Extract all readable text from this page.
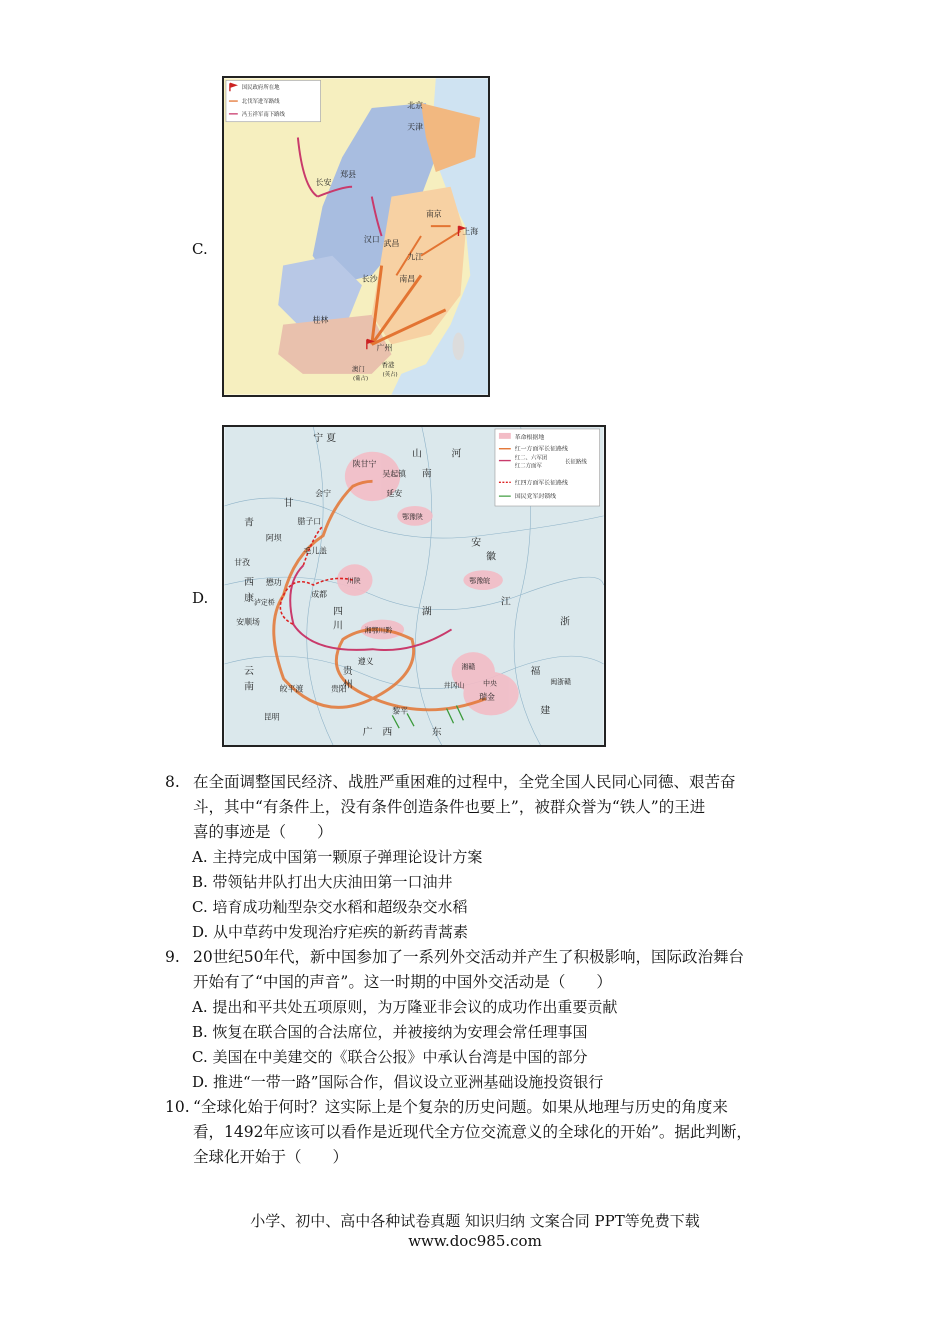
C.
国民政府所在地
北伐军进军路线
冯玉祥军南下路线
北京
天津
长安
郑县
南京
汉口 武昌
上海
九江
长沙	南昌
桂林
广州
澳门	香港
(葡占)
(英占)
D.
革命根据地
红一方面军长征路线
红二、六军团
红二方面军
长征路线
红四方面军长征路线
国民党军封锁线
陕甘宁
吴起镇
延安
会宁
腊子口
阿坝
毛儿盖
甘孜
懋功
泸定桥
安顺场
成都
川陕
鄂豫陕
鄂豫皖
湘鄂川黔
湘赣
遵义
贵阳
黎平
井冈山
瑞金
中央	闽浙赣
皎平渡
昆明
宁 夏
甘
青
四
川
西
康
云
南
湖
贵
州
广	东
西
江
河
安
徽
浙
福
建
山
南
8. 在全面调整国民经济、战胜严重困难的过程中，全党全国人民同心同德、艰苦奋
斗，其中“有条件上，没有条件创造条件也要上”，被群众誉为“铁人”的王进
喜的事迹是（　　）
A. 主持完成中国第一颗原子弹理论设计方案
B. 带领钻井队打出大庆油田第一口油井
C. 培育成功籼型杂交水稻和超级杂交水稻
D. 从中草药中发现治疗疟疾的新药青蒿素
9. 20世纪50年代，新中国参加了一系列外交活动并产生了积极影响，国际政治舞台
开始有了“中国的声音”。这一时期的中国外交活动是（　　）
A. 提出和平共处五项原则，为万隆亚非会议的成功作出重要贡献
B. 恢复在联合国的合法席位，并被接纳为安理会常任理事国
C. 美国在中美建交的《联合公报》中承认台湾是中国的部分
D. 推进“一带一路”国际合作，倡议设立亚洲基础设施投资银行
10. “全球化始于何时？这实际上是个复杂的历史问题。如果从地理与历史的角度来
看，1492年应该可以看作是近现代全方位交流意义的全球化的开始”。据此判断，
全球化开始于（　　）
小学、初中、高中各种试卷真题 知识归纳 文案合同 PPT等免费下载
www.doc985.com
